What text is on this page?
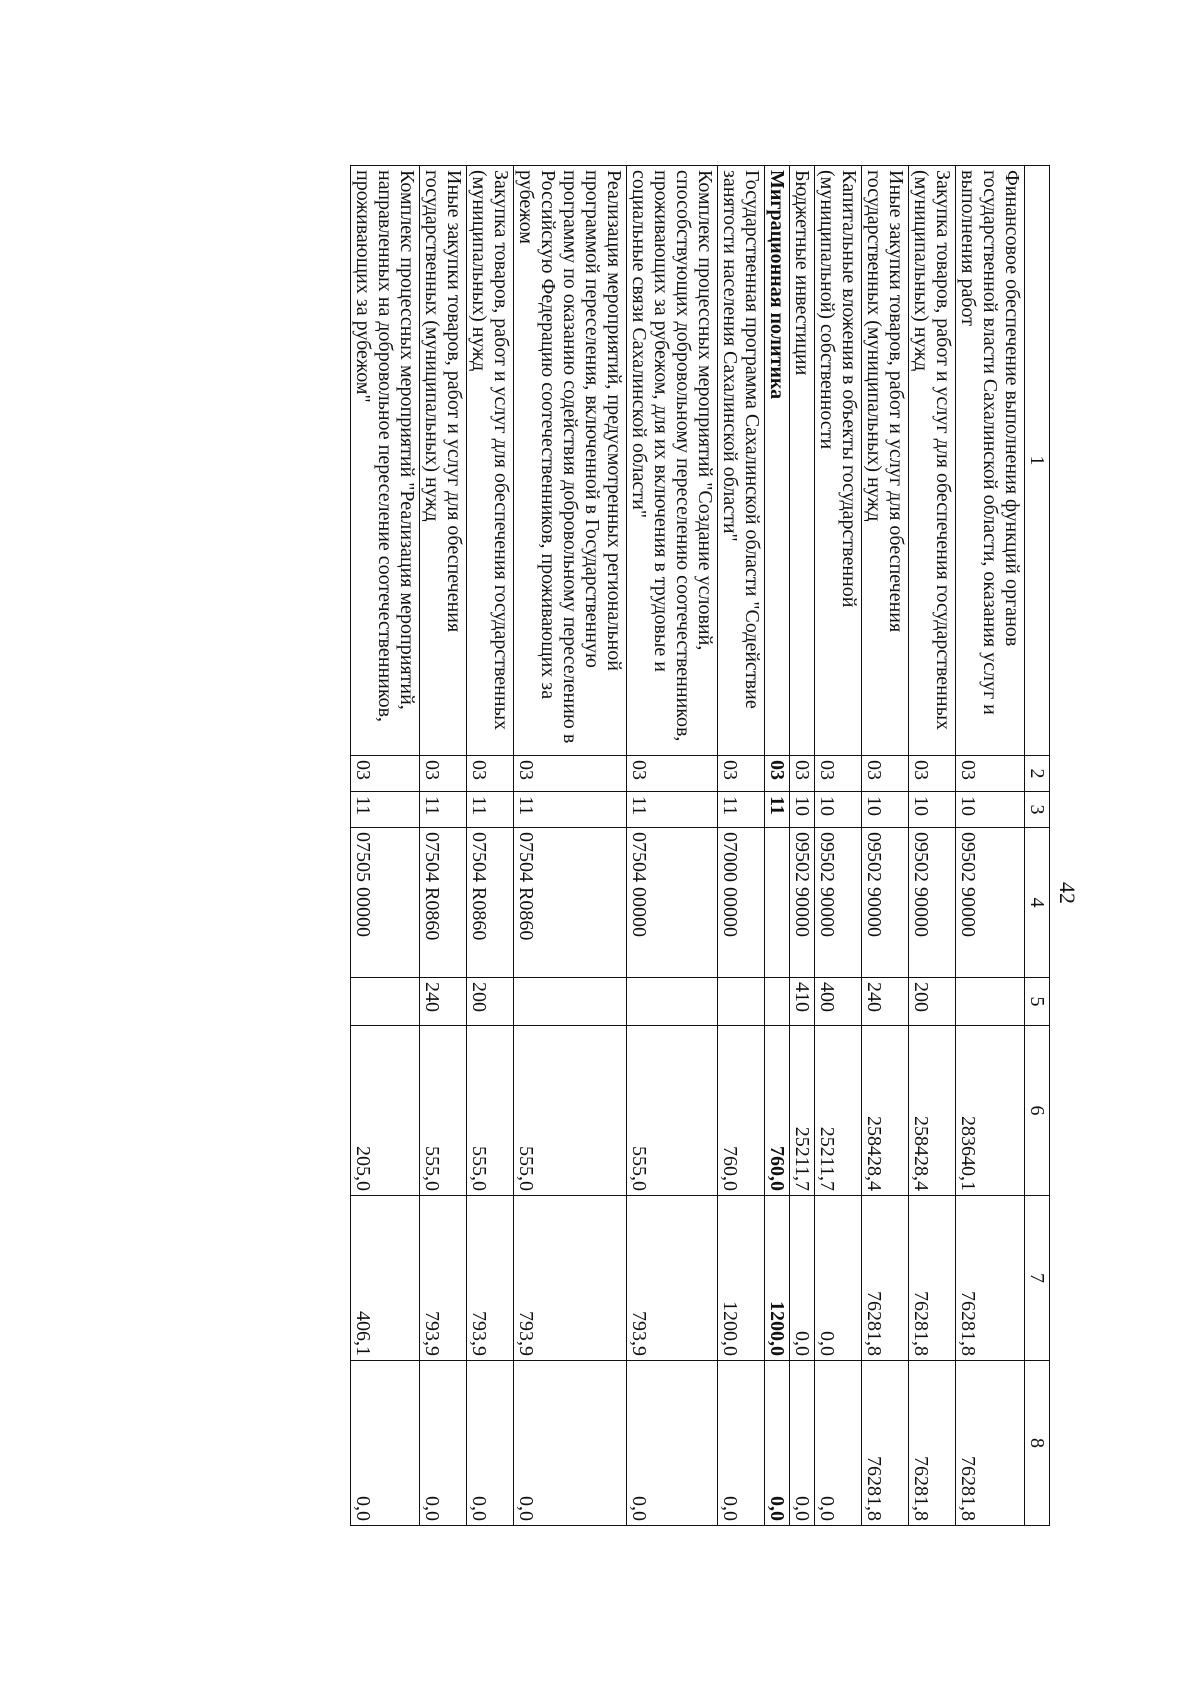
42
1	2	3	4	5	6	7	8
Финансовое обеспечение выполнения функций органов государственной власти Сахалинской области, оказания услуг и выполнения работ	03	10	09502 90000		283640,1	76281,8	76281,8
Закупка товаров, работ и услуг для обеспечения государственных (муниципальных) нужд	03	10	09502 90000	200	258428,4	76281,8	76281,8
Иные закупки товаров, работ и услуг для обеспечения государственных (муниципальных) нужд	03	10	09502 90000	240	258428,4	76281,8	76281,8
Капитальные вложения в объекты государственной (муниципальной) собственности	03	10	09502 90000	400	25211,7	0,0	0,0
Бюджетные инвестиции	03	10	09502 90000	410	25211,7	0,0	0,0
Миграционная политика	03	11			760,0	1200,0	0,0
Государственная программа Сахалинской области "Содействие занятости населения Сахалинской области"	03	11	07000 00000		760,0	1200,0	0,0
Комплекс процессных мероприятий "Создание условий, способствующих добровольному переселению соотечественников, проживающих за рубежом, для их включения в трудовые и социальные связи Сахалинской области"	03	11	07504 00000		555,0	793,9	0,0
Реализация мероприятий, предусмотренных региональной программой переселения, включенной в Государственную программу по оказанию содействия добровольному переселению в Российскую Федерацию соотечественников, проживающих за рубежом	03	11	07504 R0860		555,0	793,9	0,0
Закупка товаров, работ и услуг для обеспечения государственных (муниципальных) нужд	03	11	07504 R0860	200	555,0	793,9	0,0
Иные закупки товаров, работ и услуг для обеспечения государственных (муниципальных) нужд	03	11	07504 R0860	240	555,0	793,9	0,0
Комплекс процессных мероприятий "Реализация мероприятий, направленных на добровольное переселение соотечественников, проживающих за рубежом"	03	11	07505 00000		205,0	406,1	0,0
